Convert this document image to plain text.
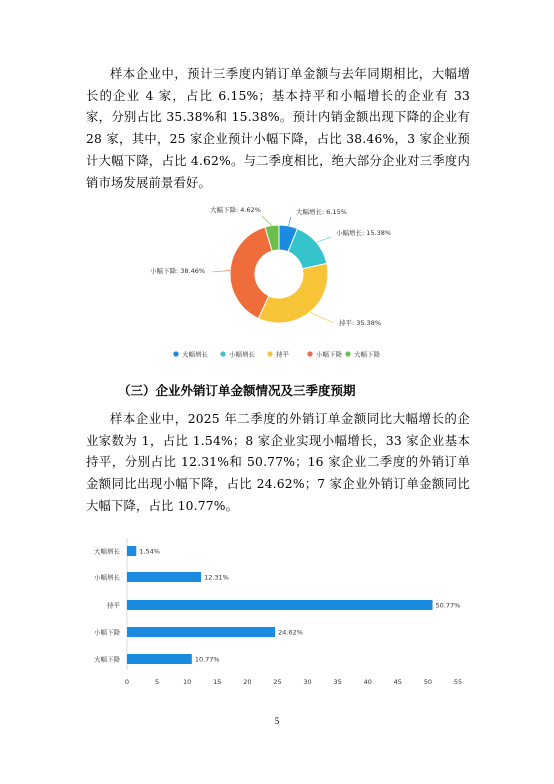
样本企业中，预计三季度内销订单金额与去年同期相比，大幅增长的企业 4 家，占比 6.15%；基本持平和小幅增长的企业有 33 家，分别占比 35.38%和 15.38%。预计内销金额出现下降的企业有 28 家，其中，25 家企业预计小幅下降，占比 38.46%，3 家企业预计大幅下降，占比 4.62%。与二季度相比，绝大部分企业对三季度内销市场发展前景看好。

大幅增长: 6.15%
小幅增长: 15.38%
持平: 35.38%
小幅下降: 38.46%
大幅下降: 4.62%
大幅增长	小幅增长	持平	小幅下降 大幅下降
（三）企业外销订单金额情况及三季度预期

样本企业中，2025 年二季度的外销订单金额同比大幅增长的企业家数为 1，占比 1.54%；8 家企业实现小幅增长，33 家企业基本持平，分别占比 12.31%和 50.77%；16 家企业二季度的外销订单金额同比出现小幅下降，占比 24.62%；7 家企业外销订单金额同比大幅下降，占比 10.77%。

0	5	10	15	20	25	30	35	40	45	50	55
大幅增长	1.54%
小幅增长	12.31%
持平	50.77%
小幅下降	24.62%
大幅下降	10.77%
5
